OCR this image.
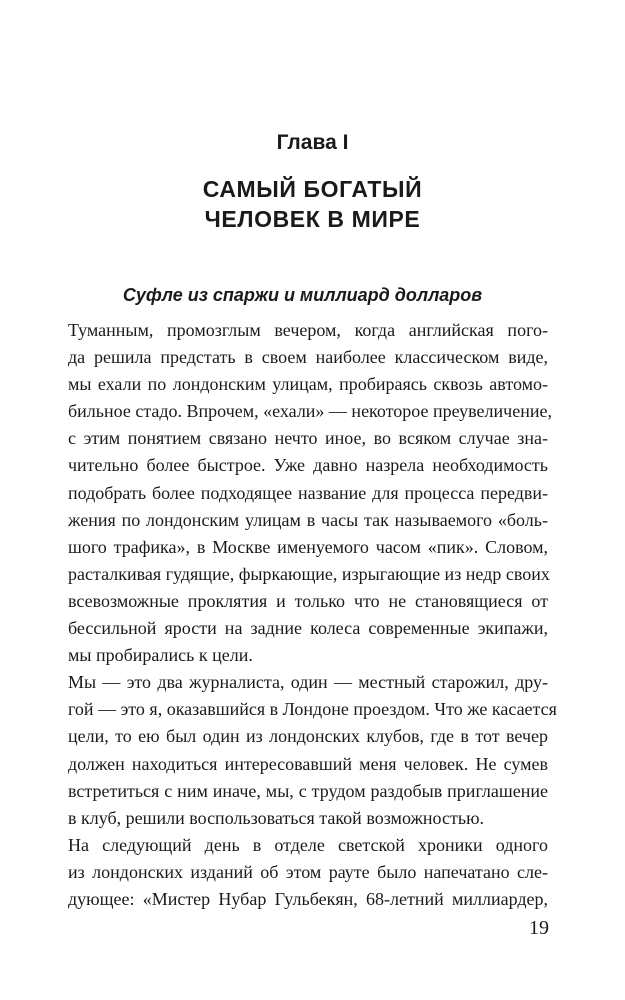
Глава I
САМЫЙ БОГАТЫЙ
ЧЕЛОВЕК В МИРЕ
Суфле из спаржи и миллиард долларов
Туманным, промозглым вечером, когда английская пого-
да решила предстать в своем наиболее классическом виде,
мы ехали по лондонским улицам, пробираясь сквозь автомо-
бильное стадо. Впрочем, «ехали» — некоторое преувеличение,
с этим понятием связано нечто иное, во всяком случае зна-
чительно более быстрое. Уже давно назрела необходимость
подобрать более подходящее название для процесса передви-
жения по лондонским улицам в часы так называемого «боль-
шого трафика», в Москве именуемого часом «пик». Словом,
расталкивая гудящие, фыркающие, изрыгающие из недр своих
всевозможные проклятия и только что не становящиеся от
бессильной ярости на задние колеса современные экипажи,
мы пробирались к цели.
Мы — это два журналиста, один — местный старожил, дру-
гой — это я, оказавшийся в Лондоне проездом. Что же касается
цели, то ею был один из лондонских клубов, где в тот вечер
должен находиться интересовавший меня человек. Не сумев
встретиться с ним иначе, мы, с трудом раздобыв приглашение
в клуб, решили воспользоваться такой возможностью.
На следующий день в отделе светской хроники одного
из лондонских изданий об этом рауте было напечатано сле-
дующее: «Мистер Нубар Гульбекян, 68-летний миллиардер,
19
